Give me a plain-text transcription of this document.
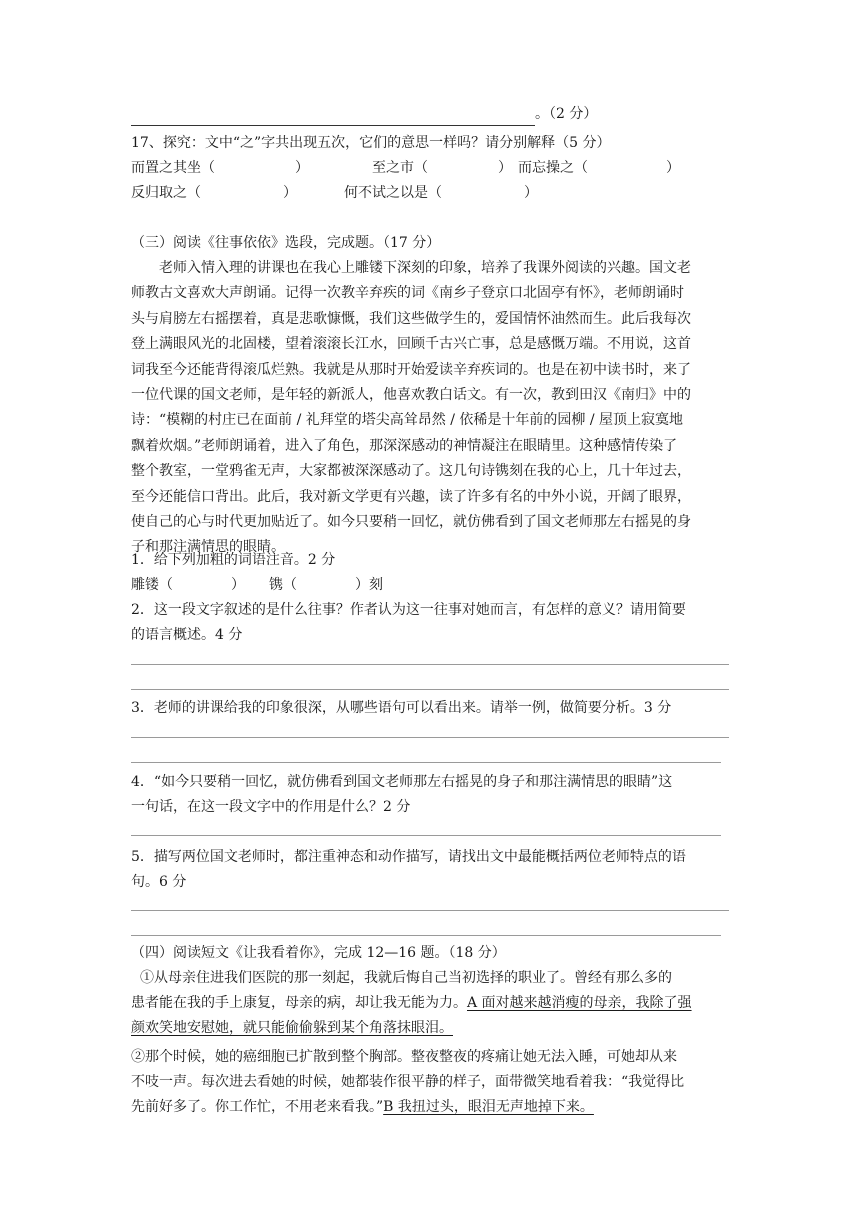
。（2 分）
17、探究：文中“之”字共出现五次，它们的意思一样吗？请分别解释（5 分）
而置之其坐（	）	至之市（	） 而忘操之（	）
反归取之（	）	何不试之以是（	）
（三）阅读《往事依依》选段，完成题。（17 分）
老师入情入理的讲课也在我心上雕镂下深刻的印象，培养了我课外阅读的兴趣。国文老
师教古文喜欢大声朗诵。记得一次教辛弃疾的词《南乡子登京口北固亭有怀》，老师朗诵时
头与肩膀左右摇摆着，真是悲歌慷慨，我们这些做学生的，爱国情怀油然而生。此后我每次
登上满眼风光的北固楼，望着滚滚长江水，回顾千古兴亡事，总是感慨万端。不用说，这首
词我至今还能背得滚瓜烂熟。我就是从那时开始爱读辛弃疾词的。也是在初中读书时，来了
一位代课的国文老师，是年轻的新派人，他喜欢教白话文。有一次，教到田汉《南归》中的
诗：“模糊的村庄已在面前 / 礼拜堂的塔尖高耸昂然 / 依稀是十年前的园柳 / 屋顶上寂寞地
飘着炊烟。”老师朗诵着，进入了角色，那深深感动的神情凝注在眼睛里。这种感情传染了
整个教室，一堂鸦雀无声，大家都被深深感动了。这几句诗镌刻在我的心上，几十年过去，
至今还能信口背出。此后，我对新文学更有兴趣，读了许多有名的中外小说，开阔了眼界，
使自己的心与时代更加贴近了。如今只要稍一回忆，就仿佛看到了国文老师那左右摇晃的身
子和那注满情思的眼睛。
1．给下列加粗的词语注音。2 分
雕镂（	） 镌（	）刻
2．这一段文字叙述的是什么往事？作者认为这一往事对她而言，有怎样的意义？请用简要
的语言概述。4 分
3．老师的讲课给我的印象很深，从哪些语句可以看出来。请举一例，做简要分析。3 分
4．“如今只要稍一回忆，就仿佛看到国文老师那左右摇晃的身子和那注满情思的眼睛”这
一句话，在这一段文字中的作用是什么？2 分
5．描写两位国文老师时，都注重神态和动作描写，请找出文中最能概括两位老师特点的语
句。6 分
（四）阅读短文《让我看着你》，完成 12—16 题。（18 分）
①从母亲住进我们医院的那一刻起，我就后悔自己当初选择的职业了。曾经有那么多的
患者能在我的手上康复，母亲的病，却让我无能为力。A 面对越来越消瘦的母亲，我除了强
颜欢笑地安慰她，就只能偷偷躲到某个角落抹眼泪。
②那个时候，她的癌细胞已扩散到整个胸部。整夜整夜的疼痛让她无法入睡，可她却从来
不吱一声。每次进去看她的时候，她都装作很平静的样子，面带微笑地看着我：“我觉得比
先前好多了。你工作忙，不用老来看我。”B 我扭过头，眼泪无声地掉下来。
